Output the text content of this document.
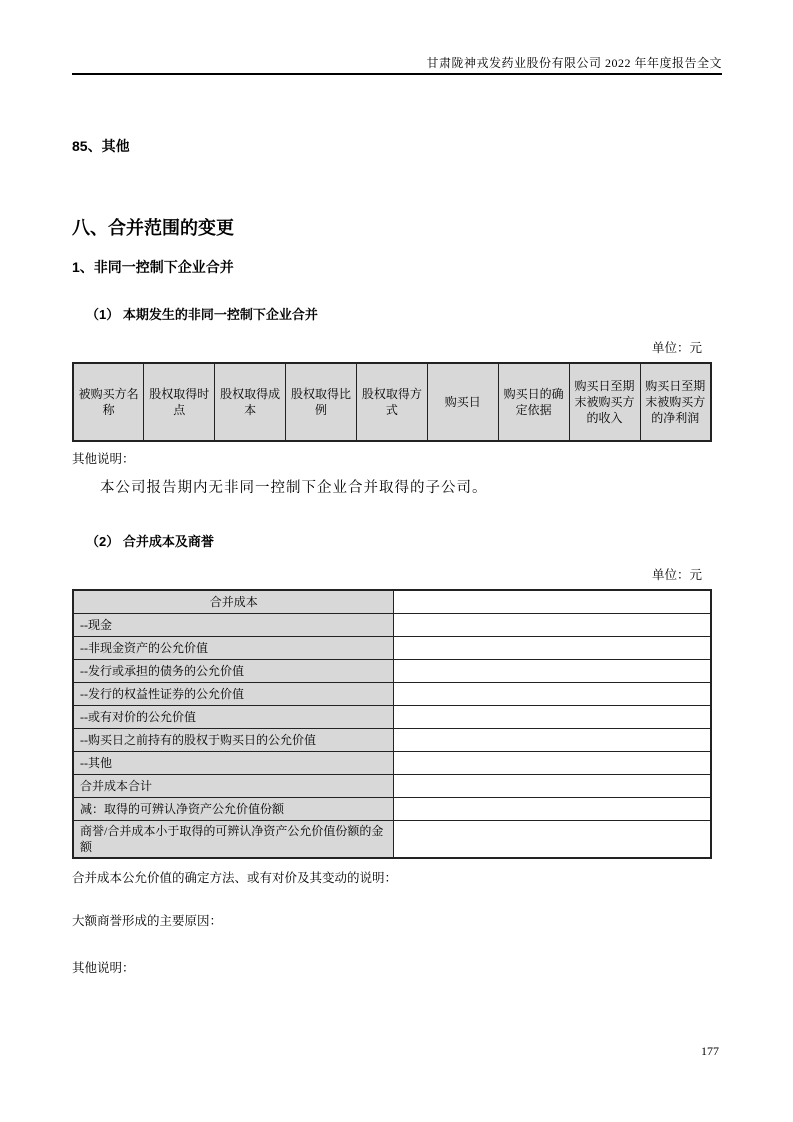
甘肃陇神戎发药业股份有限公司 2022 年年度报告全文
85、其他
八、合并范围的变更
1、非同一控制下企业合并
（1） 本期发生的非同一控制下企业合并
单位：元
被购买方名称	股权取得时点	股权取得成本	股权取得比例	股权取得方式	购买日	购买日的确定依据	购买日至期末被购买方的收入	购买日至期末被购买方的净利润
其他说明：
本公司报告期内无非同一控制下企业合并取得的子公司。
（2） 合并成本及商誉
单位：元
合并成本	
--现金	
--非现金资产的公允价值	
--发行或承担的债务的公允价值	
--发行的权益性证券的公允价值	
--或有对价的公允价值	
--购买日之前持有的股权于购买日的公允价值	
--其他	
合并成本合计	
减：取得的可辨认净资产公允价值份额	
商誉/合并成本小于取得的可辨认净资产公允价值份额的金额	
合并成本公允价值的确定方法、或有对价及其变动的说明：
大额商誉形成的主要原因：
其他说明：
177
